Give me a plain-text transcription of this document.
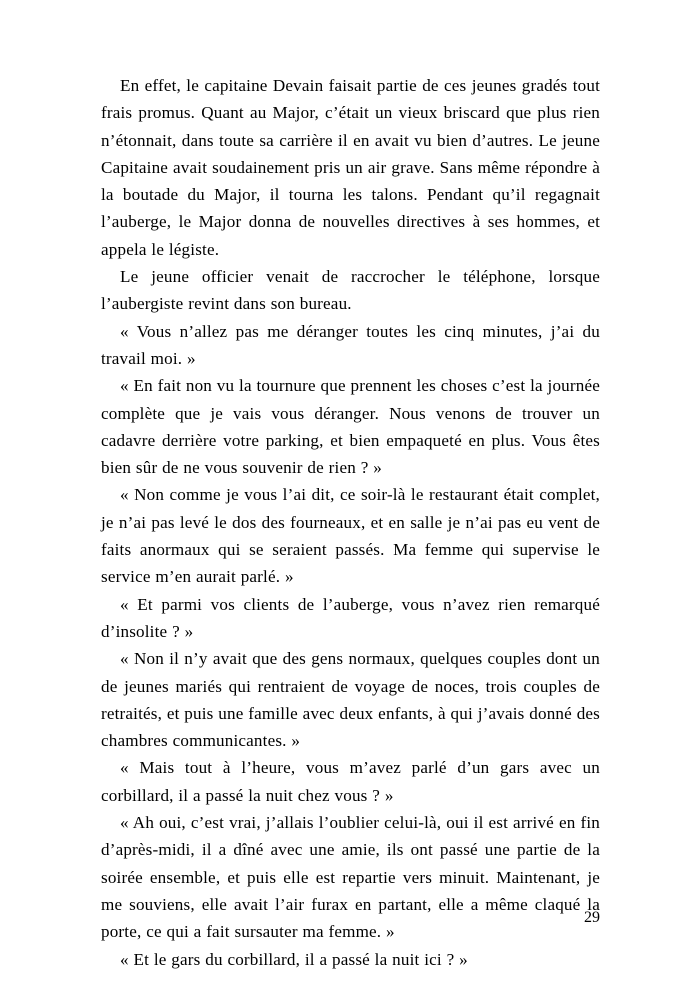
En effet, le capitaine Devain faisait partie de ces jeunes gradés tout frais promus. Quant au Major, c’était un vieux briscard que plus rien n’étonnait, dans toute sa carrière il en avait vu bien d’autres. Le jeune Capitaine avait soudainement pris un air grave. Sans même répondre à la boutade du Major, il tourna les talons. Pendant qu’il regagnait l’auberge, le Major donna de nouvelles directives à ses hommes, et appela le légiste.

Le jeune officier venait de raccrocher le téléphone, lorsque l’aubergiste revint dans son bureau.

« Vous n’allez pas me déranger toutes les cinq minutes, j’ai du travail moi. »

« En fait non vu la tournure que prennent les choses c’est la journée complète que je vais vous déranger. Nous venons de trouver un cadavre derrière votre parking, et bien empaqueté en plus. Vous êtes bien sûr de ne vous souvenir de rien ? »

« Non comme je vous l’ai dit, ce soir-là le restaurant était complet, je n’ai pas levé le dos des fourneaux, et en salle je n’ai pas eu vent de faits anormaux qui se seraient passés. Ma femme qui supervise le service m’en aurait parlé. »

« Et parmi vos clients de l’auberge, vous n’avez rien remarqué d’insolite ? »

« Non il n’y avait que des gens normaux, quelques couples dont un de jeunes mariés qui rentraient de voyage de noces, trois couples de retraités, et puis une famille avec deux enfants, à qui j’avais donné des chambres communicantes. »

« Mais tout à l’heure, vous m’avez parlé d’un gars avec un corbillard, il a passé la nuit chez vous ? »

« Ah oui, c’est vrai, j’allais l’oublier celui-là, oui il est arrivé en fin d’après-midi, il a dîné avec une amie, ils ont passé une partie de la soirée ensemble, et puis elle est repartie vers minuit. Maintenant, je me souviens, elle avait l’air furax en partant, elle a même claqué la porte, ce qui a fait sursauter ma femme. »

« Et le gars du corbillard, il a passé la nuit ici ? »

29
